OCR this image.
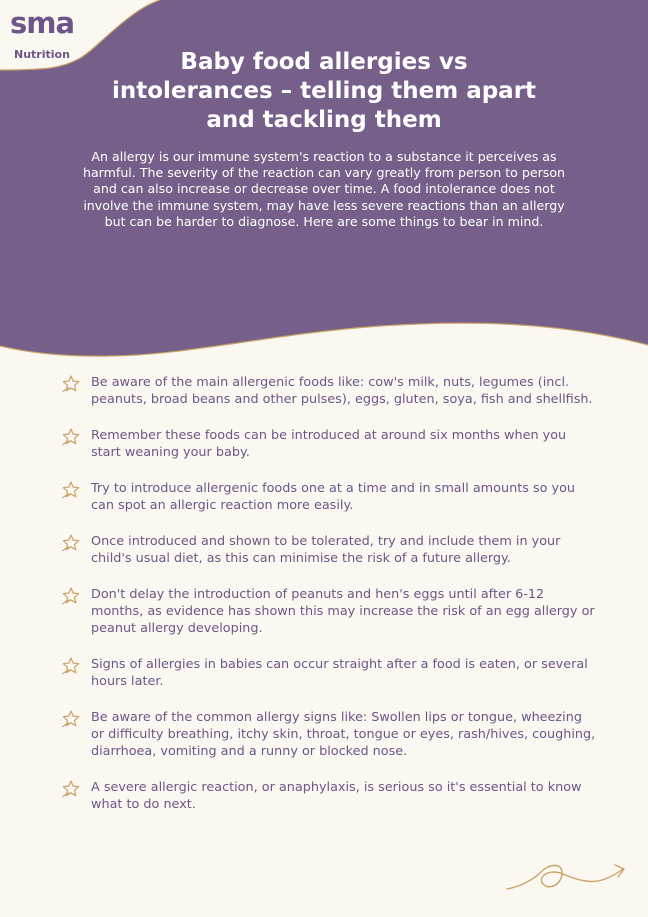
sma
Nutrition	Baby food allergies vs intolerances – telling them apart and tackling them

An allergy is our immune system's reaction to a substance it perceives as harmful. The severity of the reaction can vary greatly from person to person and can also increase or decrease over time. A food intolerance does not involve the immune system, may have less severe reactions than an allergy but can be harder to diagnose. Here are some things to bear in mind.

Be aware of the main allergenic foods like: cow's milk, nuts, legumes (incl. peanuts, broad beans and other pulses), eggs, gluten, soya, fish and shellfish.
Remember these foods can be introduced at around six months when you start weaning your baby.
Try to introduce allergenic foods one at a time and in small amounts so you can spot an allergic reaction more easily.
Once introduced and shown to be tolerated, try and include them in your child's usual diet, as this can minimise the risk of a future allergy.
Don't delay the introduction of peanuts and hen's eggs until after 6-12 months, as evidence has shown this may increase the risk of an egg allergy or peanut allergy developing.
Signs of allergies in babies can occur straight after a food is eaten, or several hours later.
Be aware of the common allergy signs like: Swollen lips or tongue, wheezing or difficulty breathing, itchy skin, throat, tongue or eyes, rash/hives, coughing, diarrhoea, vomiting and a runny or blocked nose.
A severe allergic reaction, or anaphylaxis, is serious so it's essential to know what to do next.
